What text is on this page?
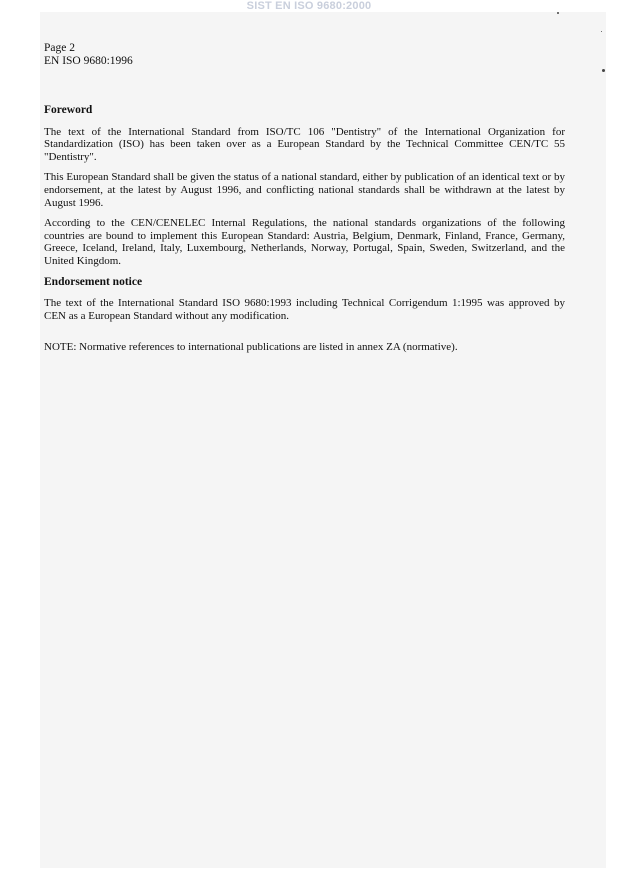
SIST EN ISO 9680:2000
Page 2
EN ISO 9680:1996
Foreword

The text of the International Standard from ISO/TC 106 "Dentistry" of the International Organization for Standardization (ISO) has been taken over as a European Standard by the Technical Committee CEN/TC 55 "Dentistry".

This European Standard shall be given the status of a national standard, either by publication of an identical text or by endorsement, at the latest by August 1996, and conflicting national standards shall be withdrawn at the latest by August 1996.

According to the CEN/CENELEC Internal Regulations, the national standards organizations of the following countries are bound to implement this European Standard: Austria, Belgium, Denmark, Finland, France, Germany, Greece, Iceland, Ireland, Italy, Luxembourg, Netherlands, Norway, Portugal, Spain, Sweden, Switzerland, and the United Kingdom.

Endorsement notice

The text of the International Standard ISO 9680:1993 including Technical Corrigendum 1:1995 was approved by CEN as a European Standard without any modification.

NOTE: Normative references to international publications are listed in annex ZA (normative).
